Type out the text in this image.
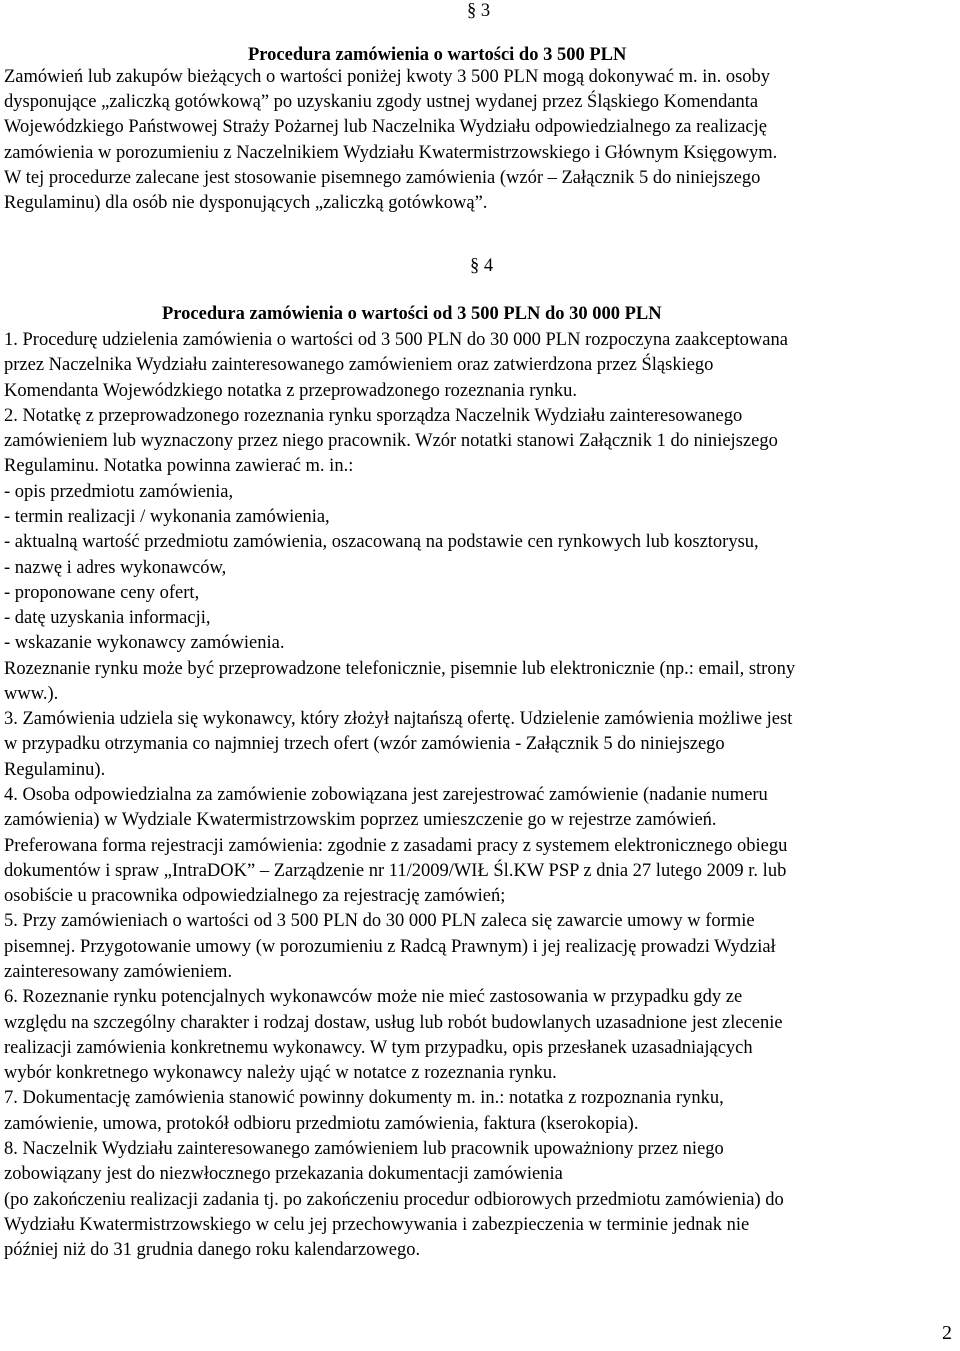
§ 3
Procedura zamówienia o wartości do 3 500 PLN
Zamówień lub zakupów bieżących o wartości poniżej kwoty 3 500 PLN mogą dokonywać m. in. osoby
dysponujące „zaliczką gotówkową” po uzyskaniu zgody ustnej wydanej przez Śląskiego Komendanta
Wojewódzkiego Państwowej Straży Pożarnej lub Naczelnika Wydziału odpowiedzialnego za realizację
zamówienia w porozumieniu z Naczelnikiem Wydziału Kwatermistrzowskiego i Głównym Księgowym.
W tej procedurze zalecane jest stosowanie pisemnego zamówienia (wzór – Załącznik 5 do niniejszego
Regulaminu) dla osób nie dysponujących „zaliczką gotówkową”.
§ 4
Procedura zamówienia o wartości od 3 500 PLN do 30 000 PLN
1. Procedurę udzielenia zamówienia o wartości od 3 500 PLN do 30 000 PLN rozpoczyna zaakceptowana
przez Naczelnika Wydziału zainteresowanego zamówieniem oraz zatwierdzona przez Śląskiego
Komendanta Wojewódzkiego notatka z przeprowadzonego rozeznania rynku.
2. Notatkę z przeprowadzonego rozeznania rynku sporządza Naczelnik Wydziału zainteresowanego
zamówieniem lub wyznaczony przez niego pracownik. Wzór notatki stanowi Załącznik 1 do niniejszego
Regulaminu. Notatka powinna zawierać m. in.:
- opis przedmiotu zamówienia,
- termin realizacji / wykonania zamówienia,
- aktualną wartość przedmiotu zamówienia, oszacowaną na podstawie cen rynkowych lub kosztorysu,
- nazwę i adres wykonawców,
- proponowane ceny ofert,
- datę uzyskania informacji,
- wskazanie wykonawcy zamówienia.
Rozeznanie rynku może być przeprowadzone telefonicznie, pisemnie lub elektronicznie (np.: email, strony
www.).
3. Zamówienia udziela się wykonawcy, który złożył najtańszą ofertę. Udzielenie zamówienia możliwe jest
w przypadku otrzymania co najmniej trzech ofert (wzór zamówienia - Załącznik 5 do niniejszego
Regulaminu).
4. Osoba odpowiedzialna za zamówienie zobowiązana jest zarejestrować zamówienie (nadanie numeru
zamówienia) w Wydziale Kwatermistrzowskim poprzez umieszczenie go w rejestrze zamówień.
Preferowana forma rejestracji zamówienia: zgodnie z zasadami pracy z systemem elektronicznego obiegu
dokumentów i spraw „IntraDOK” – Zarządzenie nr 11/2009/WIŁ Śl.KW PSP z dnia 27 lutego 2009 r. lub
osobiście u pracownika odpowiedzialnego za rejestrację zamówień;
5. Przy zamówieniach o wartości od 3 500 PLN do 30 000 PLN zaleca się zawarcie umowy w formie
pisemnej. Przygotowanie umowy (w porozumieniu z Radcą Prawnym) i jej realizację prowadzi Wydział
zainteresowany zamówieniem.
6. Rozeznanie rynku potencjalnych wykonawców może nie mieć zastosowania w przypadku gdy ze
względu na szczególny charakter i rodzaj dostaw, usług lub robót budowlanych uzasadnione jest zlecenie
realizacji zamówienia konkretnemu wykonawcy. W tym przypadku, opis przesłanek uzasadniających
wybór konkretnego wykonawcy należy ująć w notatce z rozeznania rynku.
7. Dokumentację zamówienia stanowić powinny dokumenty m. in.: notatka z rozpoznania rynku,
zamówienie, umowa, protokół odbioru przedmiotu zamówienia, faktura (kserokopia).
8. Naczelnik Wydziału zainteresowanego zamówieniem lub pracownik upoważniony przez niego
zobowiązany jest do niezwłocznego przekazania dokumentacji zamówienia
(po zakończeniu realizacji zadania tj. po zakończeniu procedur odbiorowych przedmiotu zamówienia) do
Wydziału Kwatermistrzowskiego w celu jej przechowywania i zabezpieczenia w terminie jednak nie
później niż do 31 grudnia danego roku kalendarzowego.
2
